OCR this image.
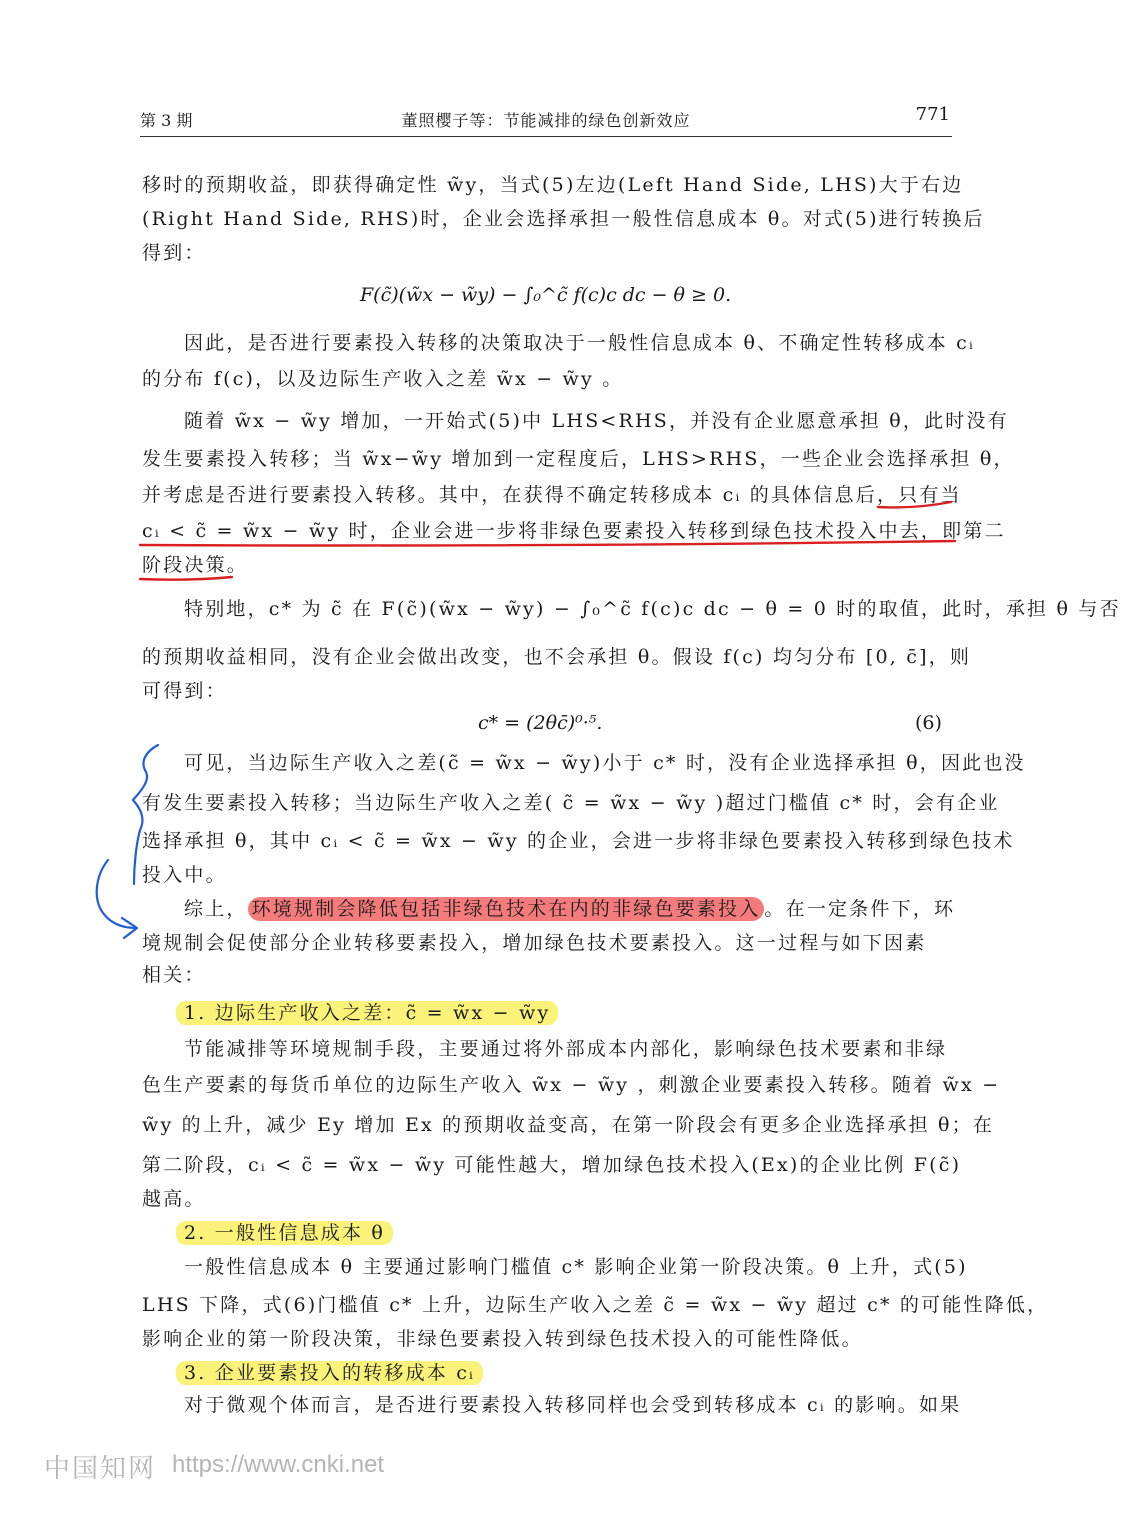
第 3 期	董照樱子等：节能减排的绿色创新效应	771
移时的预期收益，即获得确定性 w̃y，当式(5)左边(Left Hand Side, LHS)大于右边
(Right Hand Side, RHS)时，企业会选择承担一般性信息成本 θ。对式(5)进行转换后
得到：
F(c̃)(w̃x − w̃y) − ∫₀^c̃ f(c)c dc − θ ≥ 0.
因此，是否进行要素投入转移的决策取决于一般性信息成本 θ、不确定性转移成本 cᵢ
的分布 f(c)，以及边际生产收入之差 w̃x − w̃y 。
随着 w̃x − w̃y 增加，一开始式(5)中 LHS<RHS，并没有企业愿意承担 θ，此时没有
发生要素投入转移；当 w̃x−w̃y 增加到一定程度后，LHS>RHS，一些企业会选择承担 θ，
并考虑是否进行要素投入转移。其中，在获得不确定转移成本 cᵢ 的具体信息后，只有当
cᵢ < c̃ = w̃x − w̃y 时，企业会进一步将非绿色要素投入转移到绿色技术投入中去，即第二
阶段决策。
特别地，c* 为 c̃ 在 F(c̃)(w̃x − w̃y) − ∫₀^c̃ f(c)c dc − θ = 0 时的取值，此时，承担 θ 与否
的预期收益相同，没有企业会做出改变，也不会承担 θ。假设 f(c) 均匀分布 [0, c̄]，则
可得到：
c* = (2θc̄)⁰·⁵.	(6)
可见，当边际生产收入之差(c̃ = w̃x − w̃y)小于 c* 时，没有企业选择承担 θ，因此也没
有发生要素投入转移；当边际生产收入之差( c̃ = w̃x − w̃y )超过门槛值 c* 时，会有企业
选择承担 θ，其中 cᵢ < c̃ = w̃x − w̃y 的企业，会进一步将非绿色要素投入转移到绿色技术
投入中。
综上， 环境规制会降低包括非绿色技术在内的非绿色要素投入 。在一定条件下，环
境规制会促使部分企业转移要素投入，增加绿色技术要素投入。这一过程与如下因素
相关：
1. 边际生产收入之差：c̃ = w̃x − w̃y
节能减排等环境规制手段，主要通过将外部成本内部化，影响绿色技术要素和非绿
色生产要素的每货币单位的边际生产收入 w̃x − w̃y ，刺激企业要素投入转移。随着 w̃x −
w̃y 的上升，减少 Ey 增加 Ex 的预期收益变高，在第一阶段会有更多企业选择承担 θ；在
第二阶段，cᵢ < c̃ = w̃x − w̃y 可能性越大，增加绿色技术投入(Ex)的企业比例 F(c̃)
越高。
2. 一般性信息成本 θ
一般性信息成本 θ 主要通过影响门槛值 c* 影响企业第一阶段决策。θ 上升，式(5)
LHS 下降，式(6)门槛值 c* 上升，边际生产收入之差 c̃ = w̃x − w̃y 超过 c* 的可能性降低，
影响企业的第一阶段决策，非绿色要素投入转到绿色技术投入的可能性降低。
3. 企业要素投入的转移成本 cᵢ
对于微观个体而言，是否进行要素投入转移同样也会受到转移成本 cᵢ 的影响。如果
中国知网 https://www.cnki.net
